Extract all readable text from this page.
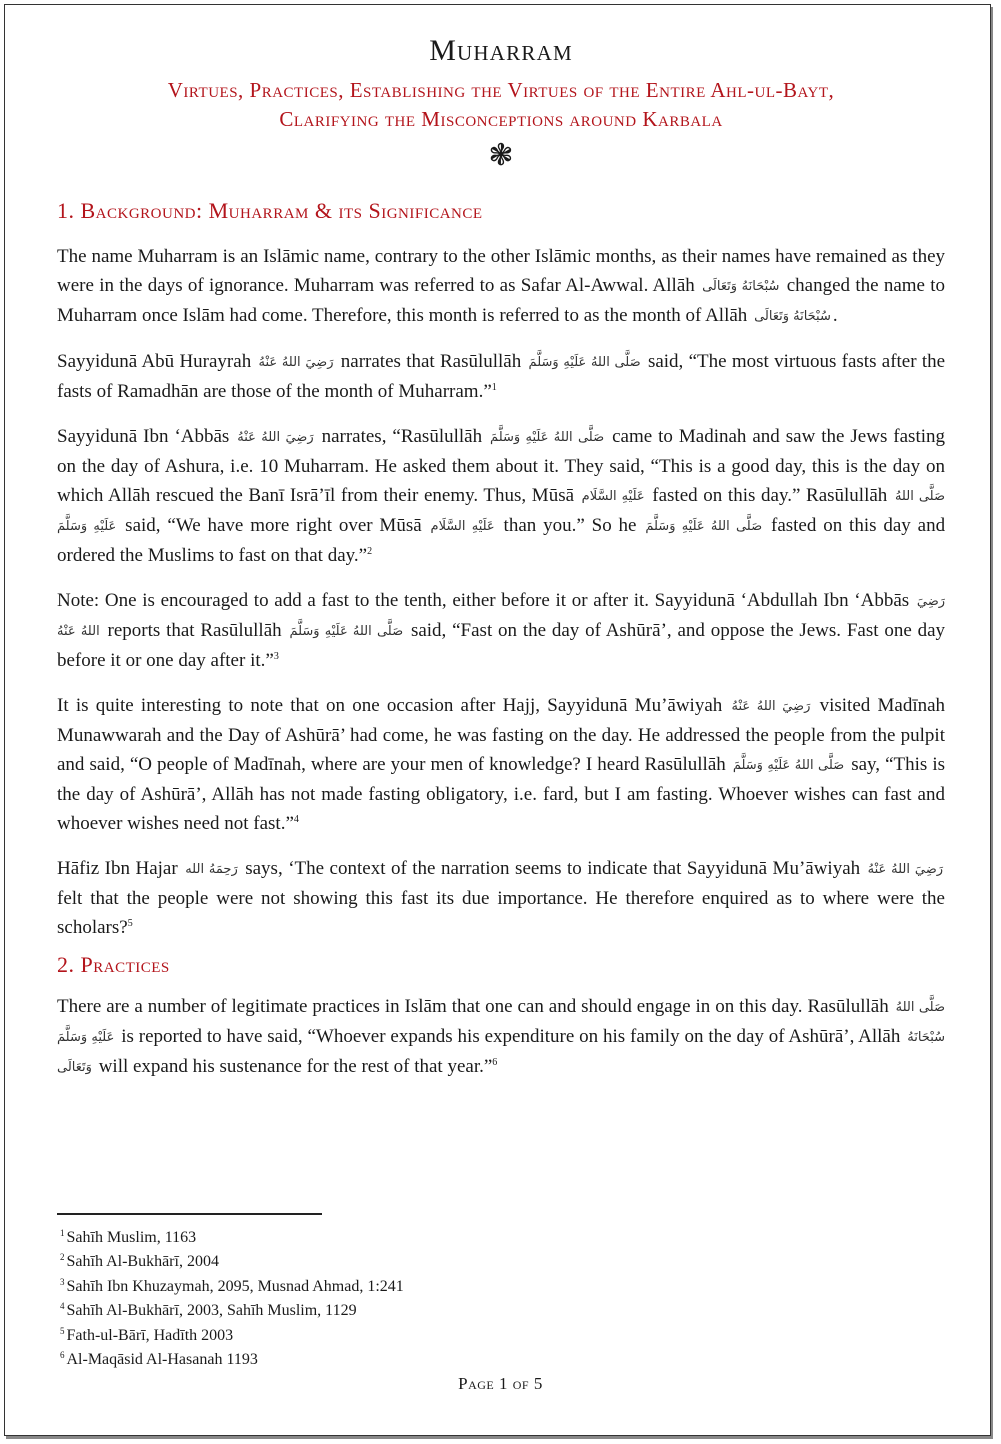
Muharram
Virtues, Practices, Establishing the Virtues of the Entire Ahl-ul-Bayt,
Clarifying the Misconceptions around Karbala
❃
1. Background: Muharram & its Significance

The name Muharram is an Islāmic name, contrary to the other Islāmic months, as their names have remained as they were in the days of ignorance. Muharram was referred to as Safar Al-Awwal. Allāh سُبْحَانَهُ وَتَعَالَى changed the name to Muharram once Islām had come. Therefore, this month is referred to as the month of Allāh سُبْحَانَهُ وَتَعَالَى .

Sayyidunā Abū Hurayrah رَضِيَ اللهُ عَنْهُ narrates that Rasūlullāh صَلَّى اللهُ عَلَيْهِ وَسَلَّمَ said, “The most virtuous fasts after the fasts of Ramadhān are those of the month of Muharram.”$^1$

Sayyidunā Ibn ‘Abbās رَضِيَ اللهُ عَنْهُ narrates, “Rasūlullāh صَلَّى اللهُ عَلَيْهِ وَسَلَّمَ came to Madinah and saw the Jews fasting on the day of Ashura, i.e. 10 Muharram. He asked them about it. They said, “This is a good day, this is the day on which Allāh rescued the Banī Isrā’īl from their enemy. Thus, Mūsā عَلَيْهِ السَّلَام fasted on this day.” Rasūlullāh صَلَّى اللهُ عَلَيْهِ وَسَلَّمَ said, “We have more right over Mūsā عَلَيْهِ السَّلَام than you.” So he صَلَّى اللهُ عَلَيْهِ وَسَلَّمَ fasted on this day and ordered the Muslims to fast on that day.”$^2$

Note: One is encouraged to add a fast to the tenth, either before it or after it. Sayyidunā ‘Abdullah Ibn ‘Abbās رَضِيَ اللهُ عَنْهُ reports that Rasūlullāh صَلَّى اللهُ عَلَيْهِ وَسَلَّمَ said, “Fast on the day of Ashūrā’, and oppose the Jews. Fast one day before it or one day after it.”$^3$

It is quite interesting to note that on one occasion after Hajj, Sayyidunā Mu’āwiyah رَضِيَ اللهُ عَنْهُ visited Madīnah Munawwarah and the Day of Ashūrā’ had come, he was fasting on the day. He addressed the people from the pulpit and said, “O people of Madīnah, where are your men of knowledge? I heard Rasūlullāh صَلَّى اللهُ عَلَيْهِ وَسَلَّمَ say, “This is the day of Ashūrā’, Allāh has not made fasting obligatory, i.e. fard, but I am fasting. Whoever wishes can fast and whoever wishes need not fast.”$^4$

Hāfiz Ibn Hajar رَحِمَهُ الله says, ‘The context of the narration seems to indicate that Sayyidunā Mu’āwiyah رَضِيَ اللهُ عَنْهُ felt that the people were not showing this fast its due importance. He therefore enquired as to where were the scholars?$^5$

2. Practices

There are a number of legitimate practices in Islām that one can and should engage in on this day. Rasūlullāh صَلَّى اللهُ عَلَيْهِ وَسَلَّمَ is reported to have said, “Whoever expands his expenditure on his family on the day of Ashūrā’, Allāh سُبْحَانَهُ وَتَعَالَى will expand his sustenance for the rest of that year.”$^6$

$^1$ Sahīh Muslim, 1163
$^2$ Sahīh Al-Bukhārī, 2004
$^3$ Sahīh Ibn Khuzaymah, 2095, Musnad Ahmad, 1:241
$^4$ Sahīh Al-Bukhārī, 2003, Sahīh Muslim, 1129
$^5$ Fath-ul-Bārī, Hadīth 2003
$^6$ Al-Maqāsid Al-Hasanah 1193
Page 1 of 5
